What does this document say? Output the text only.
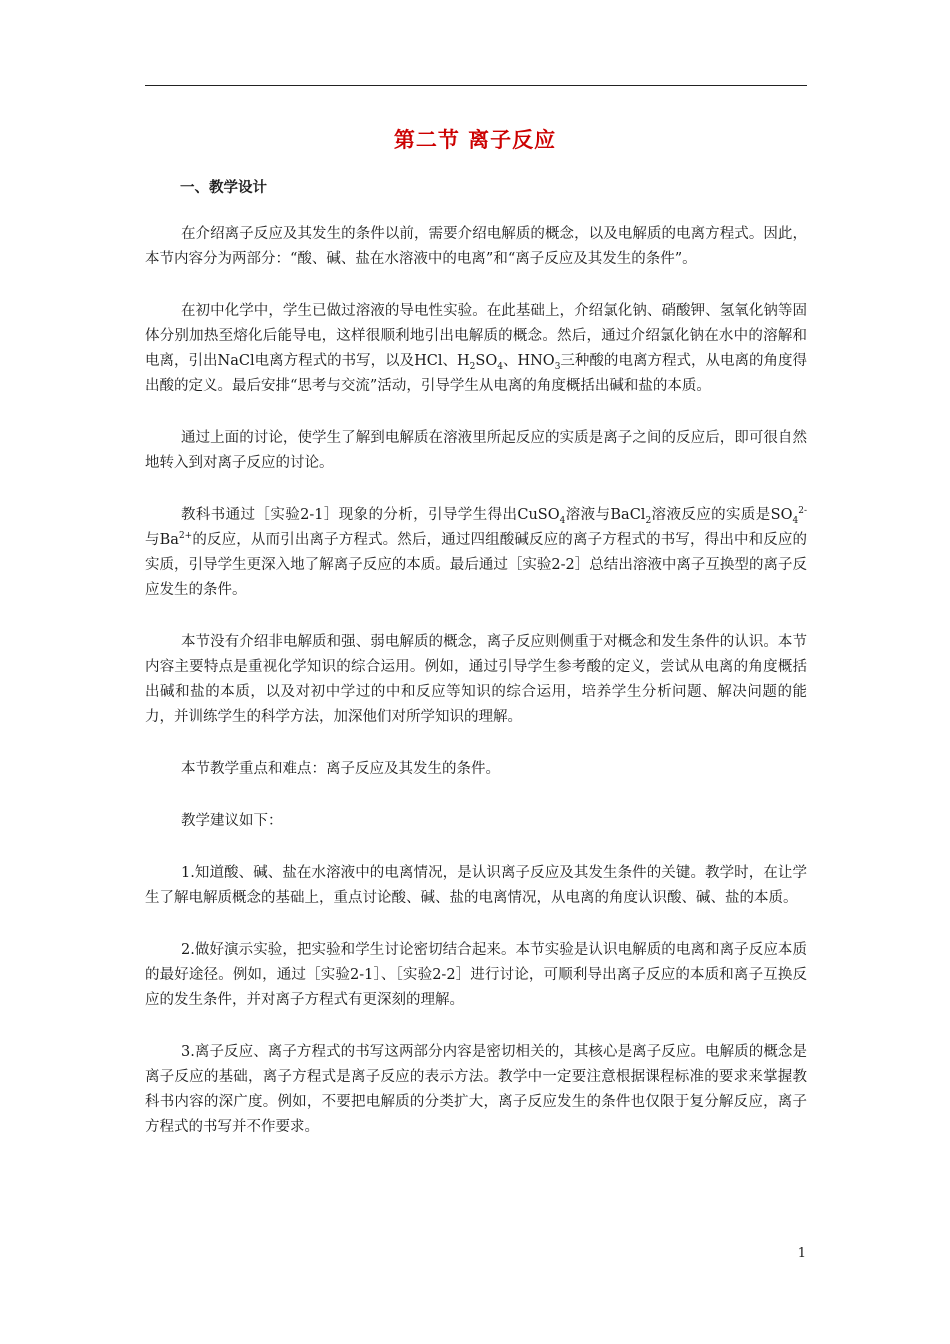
第二节 离子反应
一、教学设计

在介绍离子反应及其发生的条件以前，需要介绍电解质的概念，以及电解质的电离方程式。因此，本节内容分为两部分：“酸、碱、盐在水溶液中的电离”和“离子反应及其发生的条件”。

在初中化学中，学生已做过溶液的导电性实验。在此基础上，介绍氯化钠、硝酸钾、氢氧化钠等固体分别加热至熔化后能导电，这样很顺利地引出电解质的概念。然后，通过介绍氯化钠在水中的溶解和电离，引出NaCl电离方程式的书写，以及HCl、$H_2SO_4$、$HNO_3$三种酸的电离方程式，从电离的角度得出酸的定义。最后安排“思考与交流”活动，引导学生从电离的角度概括出碱和盐的本质。

通过上面的讨论，使学生了解到电解质在溶液里所起反应的实质是离子之间的反应后，即可很自然地转入到对离子反应的讨论。

教科书通过［实验2-1］现象的分析，引导学生得出CuSO$_4$溶液与BaCl$_2$溶液反应的实质是$SO_4^{2-}$与$Ba^{2+}$的反应，从而引出离子方程式。然后，通过四组酸碱反应的离子方程式的书写，得出中和反应的实质，引导学生更深入地了解离子反应的本质。最后通过［实验2-2］总结出溶液中离子互换型的离子反应发生的条件。

本节没有介绍非电解质和强、弱电解质的概念，离子反应则侧重于对概念和发生条件的认识。本节内容主要特点是重视化学知识的综合运用。例如，通过引导学生参考酸的定义，尝试从电离的角度概括出碱和盐的本质，以及对初中学过的中和反应等知识的综合运用，培养学生分析问题、解决问题的能力，并训练学生的科学方法，加深他们对所学知识的理解。

本节教学重点和难点：离子反应及其发生的条件。

教学建议如下：

1.知道酸、碱、盐在水溶液中的电离情况，是认识离子反应及其发生条件的关键。教学时，在让学生了解电解质概念的基础上，重点讨论酸、碱、盐的电离情况，从电离的角度认识酸、碱、盐的本质。

2.做好演示实验，把实验和学生讨论密切结合起来。本节实验是认识电解质的电离和离子反应本质的最好途径。例如，通过［实验2-1］、［实验2-2］进行讨论，可顺利导出离子反应的本质和离子互换反应的发生条件，并对离子方程式有更深刻的理解。

3.离子反应、离子方程式的书写这两部分内容是密切相关的，其核心是离子反应。电解质的概念是离子反应的基础，离子方程式是离子反应的表示方法。教学中一定要注意根据课程标准的要求来掌握教科书内容的深广度。例如，不要把电解质的分类扩大，离子反应发生的条件也仅限于复分解反应，离子方程式的书写并不作要求。

1
